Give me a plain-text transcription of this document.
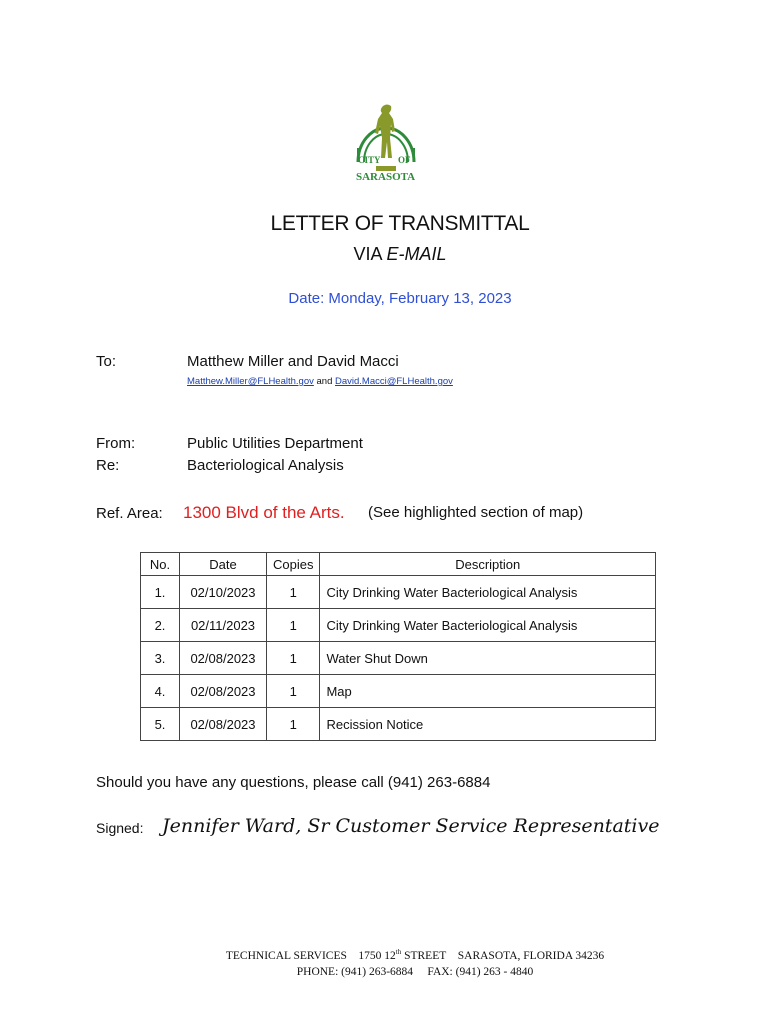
CITY OF
SARASOTA
LETTER OF TRANSMITTAL
VIA E-MAIL
Date: Monday, February 13, 2023
To:	Matthew Miller and David Macci
Matthew.Miller@FLHealth.gov and David.Macci@FLHealth.gov
From:	Public Utilities Department
Re:	Bacteriological Analysis
Ref. Area: 1300 Blvd of the Arts. (See highlighted section of map)
No.	Date	Copies	Description
1.	02/10/2023	1	City Drinking Water Bacteriological Analysis
2.	02/11/2023	1	City Drinking Water Bacteriological Analysis
3.	02/08/2023	1	Water Shut Down
4.	02/08/2023	1	Map
5.	02/08/2023	1	Recission Notice
Should you have any questions, please call (941) 263-6884
Signed: Jennifer Ward, Sr Customer Service Representative
TECHNICAL SERVICES 1750 12th STREET SARASOTA, FLORIDA 34236
PHONE: (941) 263-6884 FAX: (941) 263 - 4840
